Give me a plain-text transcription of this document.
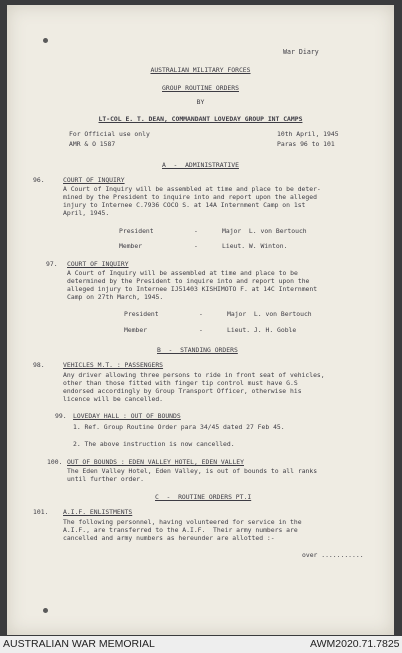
War Diary
AUSTRALIAN MILITARY FORCES
GROUP ROUTINE ORDERS
BY
LT-COL E. T. DEAN, COMMANDANT LOVEDAY GROUP INT CAMPS
For Official use only
AMR & O 1587
10th April, 1945
Paras 96 to 101
A  -  ADMINISTRATIVE
96.	COURT OF INQUIRY
A Court of Inquiry will be assembled at time and place to be deter-
mined by the President to inquire into and report upon the alleged
injury to Internee C.7936 COCO S. at 14A Internment Camp on 1st
April, 1945.
President	-	Major  L. von Bertouch
Member	-	Lieut. W. Winton.
97. COURT OF INQUIRY
A Court of Inquiry will be assembled at time and place to be
determined by the President to inquire into and report upon the
alleged injury to Internee IJ51403 KISHIMOTO F. at 14C Internment
Camp on 27th March, 1945.
President	-	Major  L. von Bertouch
Member	-	Lieut. J. H. Goble
B  -  STANDING ORDERS
98.	VEHICLES M.T. : PASSENGERS
Any driver allowing three persons to ride in front seat of vehicles,
other than those fitted with finger tip control must have G.S
endorsed accordingly by Group Transport Officer, otherwise his
licence will be cancelled.
99. LOVEDAY HALL : OUT OF BOUNDS
1. Ref. Group Routine Order para 34/45 dated 27 Feb 45.
2. The above instruction is now cancelled.
100. OUT OF BOUNDS : EDEN VALLEY HOTEL, EDEN VALLEY
The Eden Valley Hotel, Eden Valley, is out of bounds to all ranks
until further order.
C  -  ROUTINE ORDERS PT.I
101. A.I.F. ENLISTMENTS
The following personnel, having volunteered for service in the
A.I.F., are transferred to the A.I.F.  Their army numbers are
cancelled and army numbers as hereunder are allotted :-
over ...........
AUSTRALIAN WAR MEMORIAL	AWM2020.71.7825
